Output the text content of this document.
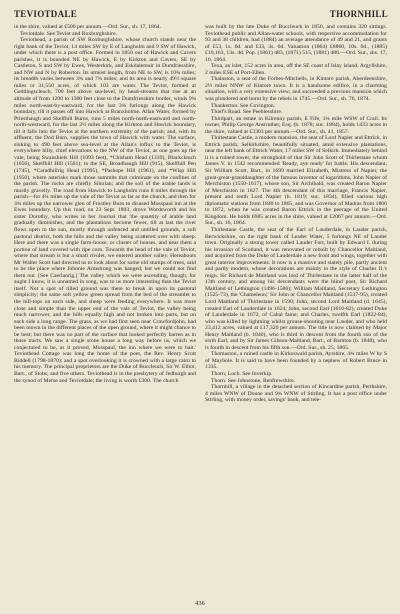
TEVIOTDALE	THORNHILL

in the shire, valued at £500 per annum.—Ord. Sur., sh. 17, 1864.

Teviotdale. See Teviot and Roxburghshire.

Teviothead, a parish of SW Roxburghshire, whose church stands near the right bank of the Teviot, 14 miles SW by E of Langholm and 9 SW of Hawick, under which there is a post office. Formed in 1850 out of Hawick and Cavers parishes, it is bounded NE by Hawick, E by Kirkton and Cavers, SE by Castleton, S and SW by Ewes, Westerkirk, and Eskdalemuir in Dumfriesshire, and NW and N by Roberton. Its utmost length, from NE to SW, is 10¾ miles; its breadth varies between 3¾ and 7¾ miles; and its area is nearly 49½ square miles or 31,550 acres, of which 103 are water. The Teviot, formed at Geddingscleuch, 700 feet above sea-level, by head-streams that rise at an altitude of from 1200 to 1300 feet close to the Dumfriesshire border, winds 9¾ miles north-east-by-eastward, for the last 3¾ furlongs along the Hawick boundary, till it passes off into Hawick at Branxholme. Allan Water, formed by Priesthaugh and Skelfhill Burns, runs 5 miles north-north-eastward and north-north-westward, for the last 2½ miles along the Kirkton and Hawick boundary, till it falls into the Teviot at the northern extremity of the parish; and, with its affluent, the Dod Burn, supplies the town of Hawick with water. The surface, sinking to 490 feet above sea-level at the Allan's influx to the Teviot, is everywhere hilly, chief elevations to the NW of the Teviot, as one goes up the vale, being Swanshiels Hill (1093 feet), *Chisham Head (1339), Blackcleuch (1056), Skelfhill Hill (1561); to the SE, Broadhaugh Hill (915), Skelfhill Pen (1745), *Caradhillrig Head (1995), *Pashope Hill (1961), and *Wisp Hill (1950), where asterisks mark those summits that culminate on the confines of the parish. The rocks are chiefly Silurian; and the soil of the arable lands is mostly gravelly. The road from Hawick to Langholm runs 8 miles through the parish—for 4¾ miles up the vale of the Teviot as far as the church, and then for 3¾ miles up the narrower glen of Frostley Burn to disused Mosspaul inn at the Ewes boundary. Up this road, on 23 Sept. 1803, drove Wordsworth and his sister Dorothy, who writes in her Journal that 'the quantity of arable land gradually diminishes, and the plantations become fewer, till at last the river flows open to the sun, mostly through unfenced and untilled grounds, a soft pastoral district, both the hills and the valley being scattered over with sheep. Here and there was a single farm-house, or cluster of houses, and near them a portion of land covered with ripe corn. Towards the head of the vale of Teviot, where that stream is but a small rivulet, we entered another valley. Hereabouts Mr Walter Scott had directed us to look about for some old stumps of trees, said to be the place where Johnnie Armstrong was hanged; but we could not find them out. [See Caerlanrig.] The valley which we were ascending, though, for aught I know, it is unnamed in song, was to us more interesting than the Teviot itself. Not a spot of tilled ground was there to break in upon its pastoral simplicity; the same soft yellow green spread from the bed of the streamlet to the hill-tops on each side, and sheep were feeding everywhere. It was more close and simple than the upper end of the vale of Teviot, the valley being much narrower, and the hills equally high and not broken into parts, but on each side a long range. The grass, as we had first seen near Crawfordjohn, had been mown in the different places of the open ground, where it might chance to be best; but there was no part of the surface that looked perfectly barren as in those tracts. We saw a single stone house a long way before us, which we conjectured to be, as it proved, Mosspaul, the inn where we were to bait.' Teviothead Cottage was long the home of the poet, the Rev. Henry Scott Riddell (1798-1870); and a spot overlooking it is crowned with a large cairn to his memory. The principal proprietors are the Duke of Buccleuch, Sir W. Elliot, Bart., of Stobs, and five others. Teviothead is in the presbytery of Jedburgh and the synod of Merse and Teviotdale; the living is worth £300. The church

was built by the late Duke of Buccleuch in 1856, and contains 320 sittings. Teviothead public and Allan-water schools, with respective accommodation for 93 and 38 children, had (1884) an average attendance of 49 and 21, and grants of £53, 1s. 6d. and £33, 3s. 6d. Valuation (1864) £8860, 10s. 6d., (1885) £10,163, 13s. 4d. Pop. (1861) 483, (1871) 515, (1881) 486.—Ord. Sur., shs. 17, 16, 1864.

Texa, an islet, 152 acres in area, off the SE coast of Islay island, Argyllshire, 2 miles ESE of Port-Ellen.

Thainston, a seat of the Forbes-Mitchells, in Kintore parish, Aberdeenshire, 2½ miles NNW of Kintore town. It is a handsome edifice, in a charming situation, with a very extensive view; and succeeded a previous mansion which was plundered and burnt by the rebels in 1745.—Ord. Sur., sh. 76, 1874.

Thankerton. See Covington.

Thief's Road. See Peeblesshire.

Thirdpart, an estate in Kilrenny parish, E Fife, 1¾ mile WSW of Crail. Its owner, Philip George Anstruther, Esq. (b. 1878; suc. 1884), holds 1433 acres in the shire, valued at £3303 per annum.—Ord. Sur., sh. 41, 1857.

Thirlestane Castle, a modern mansion, the seat of Lord Napier and Ettrick, in Ettrick parish, Selkirkshire, beautifully situated, amid extensive plantations, near the left bank of Ettrick Water, 17 miles SW of Selkirk. Immediately behind it is a ruined tower, the stronghold of that Sir John Scott of Thirlestane whom James V. in 1542 recommended 'Ready, aye ready' for battle. His descendant, Sir William Scott, Bart., in 1699 married Elizabeth, Mistress of Napier, the great-great-granddaughter of the famous inventor of logarithms, John Napier of Merchiston (1550-1617), whose son, Sir Archibald, was created Baron Napier of Merchiston in 1627. The 4th descendant of this marriage, Francis Napier, present and tenth Lord Napier (b. 1819; suc. 1834), filled various high diplomatic stations from 1840 to 1865, and was Governor of Madras from 1866 to 1872, when he was created Baron Ettrick in the peerage of the United Kingdom. He holds 6985 acres in the shire, valued at £2067 per annum.—Ord. Sur., sh. 16, 1864.

Thirlestane Castle, the seat of the Earl of Lauderdale, in Lauder parish, Berwickshire, on the right bank of Leader Water, 5 furlongs NE of Lauder town. Originally a strong tower called Lauder Fort, built by Edward I. during his invasion of Scotland, it was renovated or rebuilt by Chancellor Maitland, and acquired from the Duke of Lauderdale a new front and wings, together with great interior improvements. It now is a massive and stately pile, partly ancient and partly modern, whose decorations are mainly in the style of Charles II.'s reign. Sir Richard de Maitland was lord of Thirlestane in the latter half of the 13th century, and among his descendants were the blind poet, Sir Richard Maitland of Lethington (1496-1586); William Maitland, Secretary Lethington (1525-73), the 'Chameleon;' Sir John or Chancellor Maitland (1537-95), created Lord Maitland of Thirlestane in 1590; John, second Lord Maitland (d. 1645), created Earl of Lauderdale in 1624; John, second Earl (1616-82), created Duke of Lauderdale in 1672, of Cabal fame; and Charles, twelfth Earl (1822-84), who was killed by lightning whilst grouse-shooting near Lauder, and who held 23,412 acres, valued at £17,320 per annum. The title is now claimed by Major Henry Maitland (b. 1840), who is third in descent from the fourth son of the sixth Earl, and by Sir James Gibson-Maitland, Bart., of Barnton (b. 1848), who is fourth in descent from his fifth son.—Ord. Sur., sh. 25, 1865.

Thomaston, a ruined castle in Kirkoswald parish, Ayrshire, 4¾ miles W by S of Maybole. It is said to have been founded by a nephew of Robert Bruce in 1335.

Thorn, Loch. See Inverkip.

Thorn. See Johnstone, Renfrewshire.

Thornhill, a village in the detached section of Kincardine parish, Perthshire, 4 miles WNW of Doune and 9¾ WNW of Stirling. It has a post office under Stirling, with money order, savings' bank, and tele-

436
